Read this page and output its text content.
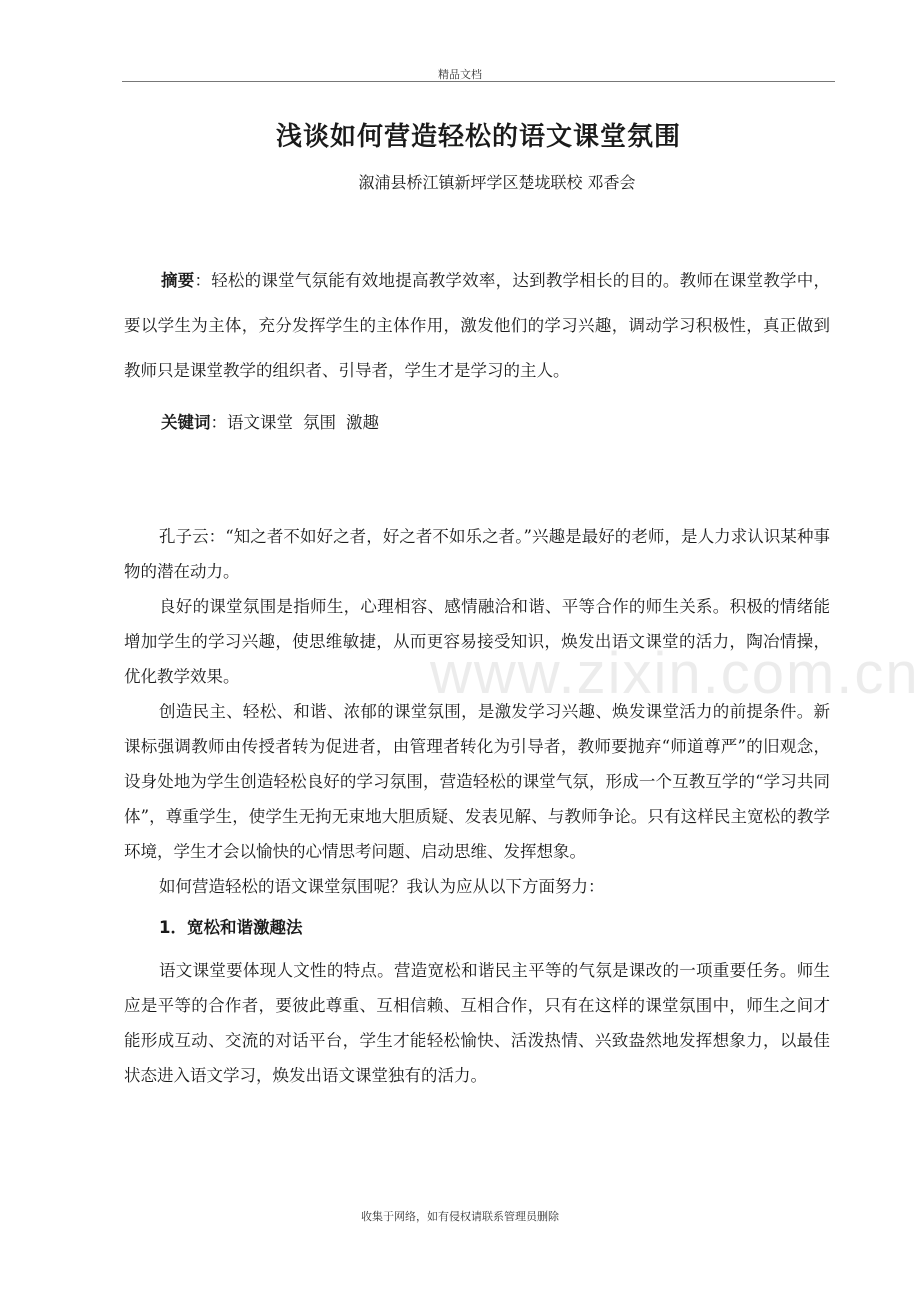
精品文档
浅谈如何营造轻松的语文课堂氛围

溆浦县桥江镇新坪学区楚垅联校 邓香会

摘要：轻松的课堂气氛能有效地提高教学效率，达到教学相长的目的。教师在课堂教学中，要以学生为主体，充分发挥学生的主体作用，激发他们的学习兴趣，调动学习积极性，真正做到教师只是课堂教学的组织者、引导者，学生才是学习的主人。

关键词：语文课堂 氛围 激趣

www.zixin.com.cn

孔子云：“知之者不如好之者，好之者不如乐之者。”兴趣是最好的老师，是人力求认识某种事物的潜在动力。

良好的课堂氛围是指师生，心理相容、感情融洽和谐、平等合作的师生关系。积极的情绪能增加学生的学习兴趣，使思维敏捷，从而更容易接受知识，焕发出语文课堂的活力，陶冶情操，优化教学效果。

创造民主、轻松、和谐、浓郁的课堂氛围，是激发学习兴趣、焕发课堂活力的前提条件。新课标强调教师由传授者转为促进者，由管理者转化为引导者，教师要抛弃“师道尊严”的旧观念，设身处地为学生创造轻松良好的学习氛围，营造轻松的课堂气氛，形成一个互教互学的“学习共同体”，尊重学生，使学生无拘无束地大胆质疑、发表见解、与教师争论。只有这样民主宽松的教学环境，学生才会以愉快的心情思考问题、启动思维、发挥想象。

如何营造轻松的语文课堂氛围呢？我认为应从以下方面努力：

1．宽松和谐激趣法

语文课堂要体现人文性的特点。营造宽松和谐民主平等的气氛是课改的一项重要任务。师生应是平等的合作者，要彼此尊重、互相信赖、互相合作，只有在这样的课堂氛围中，师生之间才能形成互动、交流的对话平台，学生才能轻松愉快、活泼热情、兴致盎然地发挥想象力，以最佳状态进入语文学习，焕发出语文课堂独有的活力。

收集于网络，如有侵权请联系管理员删除
